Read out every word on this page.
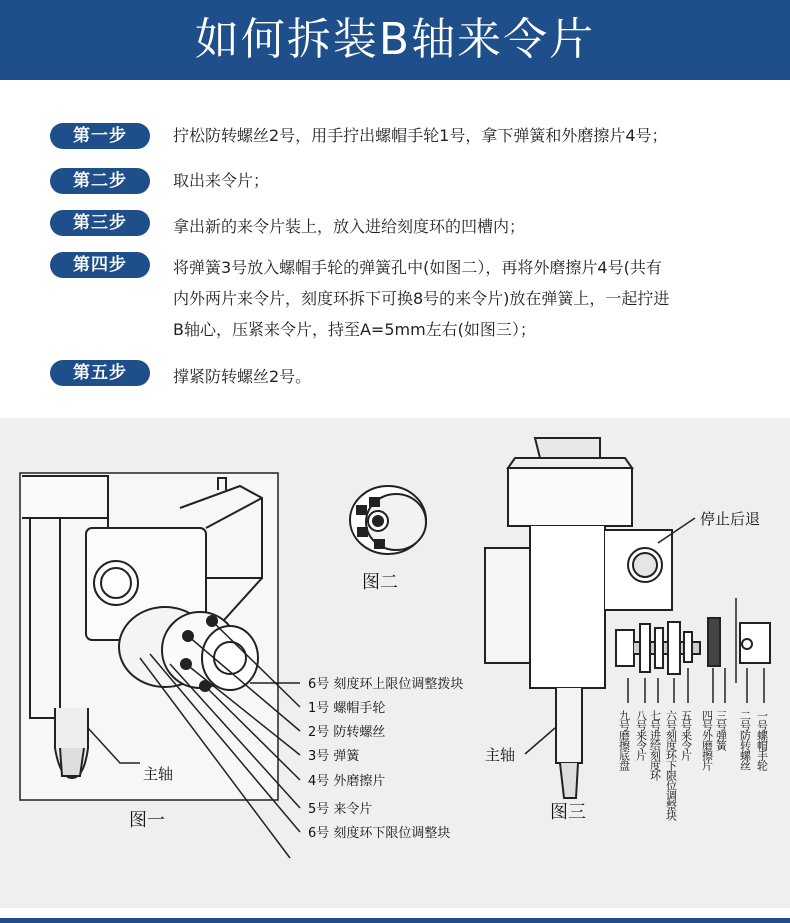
如何拆装B轴来令片
第一步	拧松防转螺丝2号，用手拧出螺帽手轮1号，拿下弹簧和外磨擦片4号；
第二步	取出来令片；
第三步	拿出新的来令片装上，放入进给刻度环的凹槽内；
第四步	将弹簧3号放入螺帽手轮的弹簧孔中(如图二），再将外磨擦片4号(共有
内外两片来令片，刻度环拆下可换8号的来令片)放在弹簧上，一起拧进
B轴心，压紧来令片，持至A=5mm左右(如图三）；
第五步	撑紧防转螺丝2号。
6号 刻度环上限位调整拨块
1号 螺帽手轮
2号 防转螺丝
3号 弹簧
4号 外磨擦片
5号 来令片
6号 刻度环下限位调整块
主轴
图一
图二
停止后退
主轴
图三
九号磨擦底盘 八号来令片 七号进给刻度环 六号刻度环下限位调整块 五号来令片 四号外磨擦片 三号弹簧 二号防转螺丝 一号螺帽手轮
